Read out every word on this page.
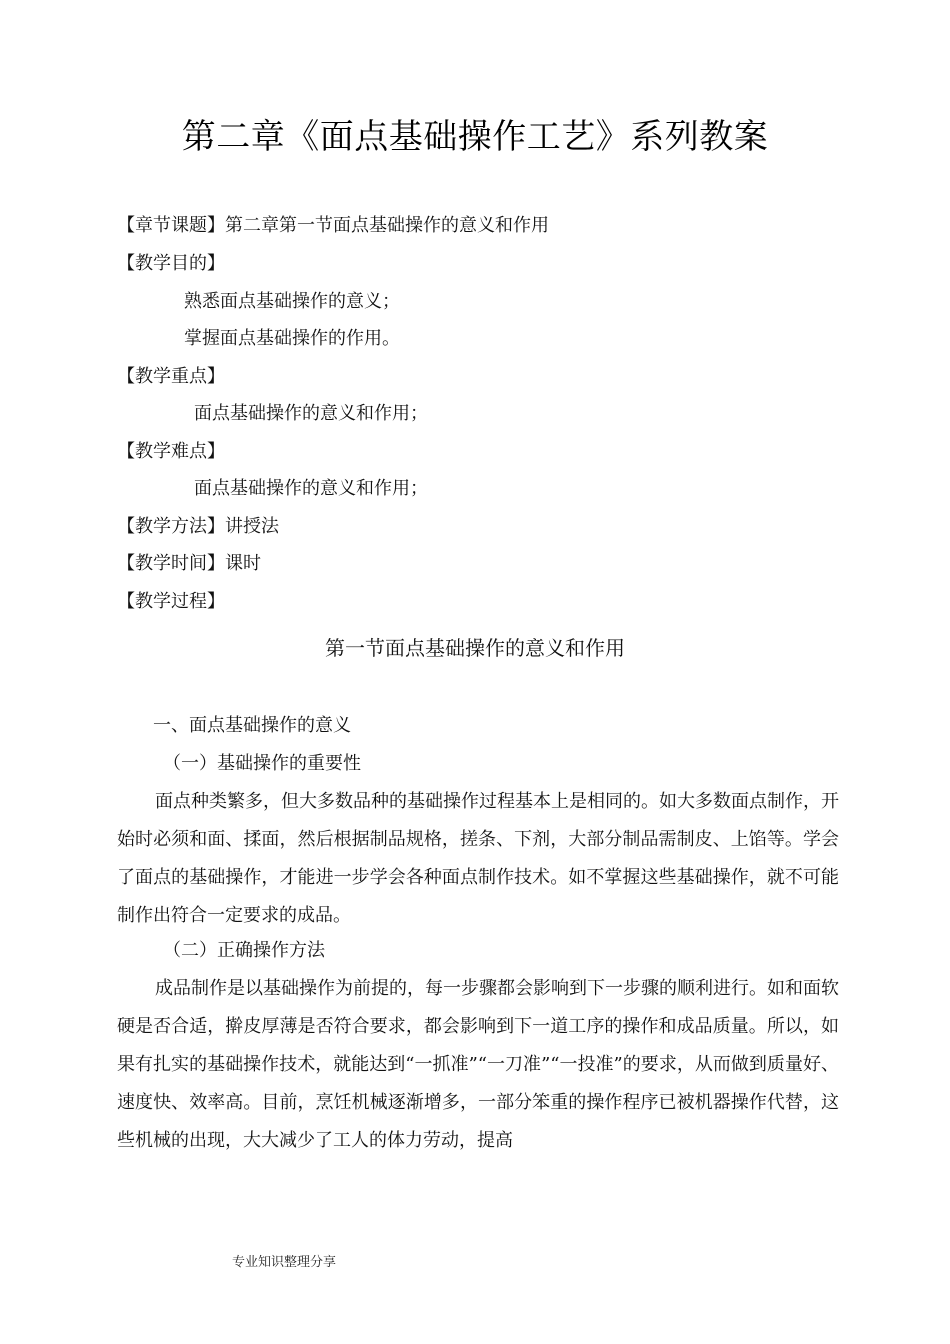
第二章《面点基础操作工艺》系列教案
【章节课题】第二章第一节面点基础操作的意义和作用
【教学目的】
熟悉面点基础操作的意义；
掌握面点基础操作的作用。
【教学重点】
面点基础操作的意义和作用；
【教学难点】
面点基础操作的意义和作用；
【教学方法】讲授法
【教学时间】课时
【教学过程】
第一节面点基础操作的意义和作用
一、面点基础操作的意义
（一）基础操作的重要性
面点种类繁多，但大多数品种的基础操作过程基本上是相同的。如大多数面点制作，开始时必须和面、揉面，然后根据制品规格，搓条、下剂，大部分制品需制皮、上馅等。学会了面点的基础操作，才能进一步学会各种面点制作技术。如不掌握这些基础操作，就不可能制作出符合一定要求的成品。
（二）正确操作方法
成品制作是以基础操作为前提的，每一步骤都会影响到下一步骤的顺利进行。如和面软硬是否合适，擀皮厚薄是否符合要求，都会影响到下一道工序的操作和成品质量。所以，如果有扎实的基础操作技术，就能达到“一抓准”“一刀准”“一投准”的要求，从而做到质量好、速度快、效率高。目前，烹饪机械逐渐增多，一部分笨重的操作程序已被机器操作代替，这些机械的出现，大大减少了工人的体力劳动，提高
专业知识整理分享
